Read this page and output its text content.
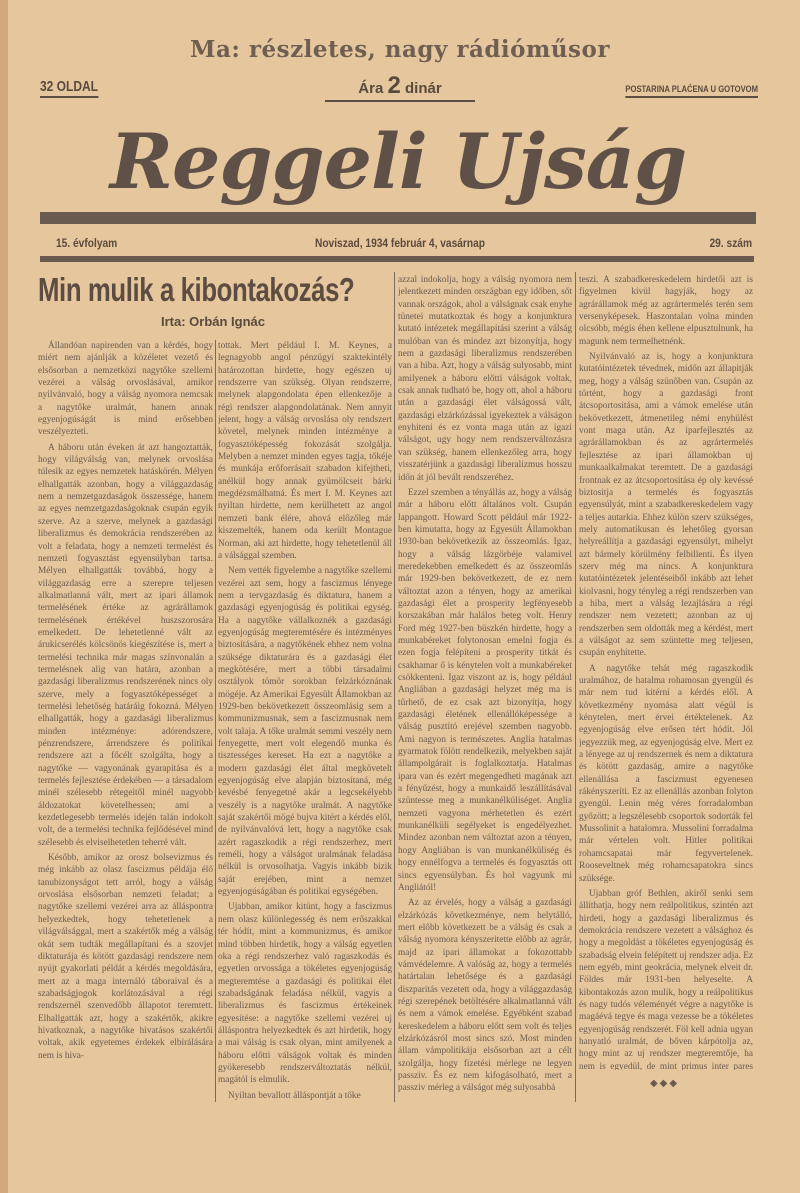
Ma: részletes, nagy rádióműsor
32 OLDAL	Ára 2 dinár	POSTARINA PLAĆENA U GOTOVOM
Reggeli Ujság
15. évfolyam	Noviszad, 1934 február 4, vasárnap	29. szám
Min mulik a kibontakozás?
Irta: Orbán Ignác

Állandóan napirenden van a kérdés, hogy miért nem ajánlják a közéletet vezető és elsősorban a nemzetközi nagytőke szellemi vezérei a válság orvoslásával, amikor nyilvánvaló, hogy a válság nyomora nemcsak a nagytőke uralmát, hanem annak egyenjogúságát is mind erősebben veszélyezteti.

A háboru után éveken át azt hangoztatták, hogy világválság van, melynek orvoslása túlesik az egyes nemzetek hatáskörén. Mélyen elhallgatták azonban, hogy a világgazdaság nem a nemzetgazdaságok összessége, hanem az egyes nemzetgazdaságoknak csupán egyik szerve. Az a szerve, melynek a gazdasági liberalizmus és demokrácia rendszerében az volt a feladata, hogy a nemzeti termelést és nemzeti fogyasztást egyensúlyban tartsa. Mélyen elhallgatták továbbá, hogy a világgazdaság erre a szerepre teljesen alkalmatlanná vált, mert az ipari államok termelésének értéke az agrárállamok termelésének értékével huszszorosára emelkedett. De lehetetlenné vált az árukicserélés kölcsönös kiegészítése is, mert a termelési technika már magas színvonalán a termelésnek alig van határa, azonban a gazdasági liberalizmus rendszerének nincs oly szerve, mely a fogyasztóképességet a termelési lehetőség határáig fokozná. Mélyen elhallgatták, hogy a gazdasági liberalizmus minden intézménye: adórendszere, pénzrendszere, árrendszere és politikai rendszere azt a főcélt szolgálta, hogy a nagytőke — vagyonának gyarapítása és a termelés fejlesztése érdekében — a társadalom minél szélesebb rétegeitől minél nagyobb áldozatokat követelhessen; ami a kezdetlegesebb termelés idején talán indokolt volt, de a termelési technika fejlődésével mind szélesebb és elviselhetetlen teherré vált.

Később, amikor az orosz bolsevizmus és még inkább az olasz fascizmus példája élő tanubizonyságot tett arról, hogy a válság orvoslása elsősorban nemzeti feladat; a nagytőke szellemi vezérei arra az álláspontra helyezkedtek, hogy tehetetlenek a világválsággal, mert a szakértők még a válság okát sem tudták megállapítani és a szovjet diktaturája és kötött gazdasági rendszere nem nyújt gyakorlati példát a kérdés megoldására, mert az a maga internáló táboraival és a szabadságjogok korlátozásával a régi rendszernél szenvedőbb állapotot teremtett. Elhallgatták azt, hogy a szakértők, akikre hivatkoznak, a nagytőke hivatásos szakértői voltak, akik egyetemes érdekek elbírálására nem is hiva-

tottak. Mert például I. M. Keynes, a legnagyobb angol pénzügyi szaktekintély határozottan hirdette, hogy egészen uj rendszerre van szükség. Olyan rendszerre, melynek alapgondolata épen ellenkezője a régi rendszer alapgondolatának. Nem annyit jelent, hogy a válság orvoslása oly rendszert követel, melynek minden intézménye a fogyasztóképesség fokozását szolgálja. Melyben a nemzet minden egyes tagja, tőkéje és munkája erőforrásait szabadon kifejtheti, anélkül hogy annak gyümölcseit bárki megdézsmálhatná. És mert I. M. Keynes azt nyiltan hirdette, nem kerülhetett az angol nemzeti bank élére, ahová előzőleg már kiszemelték, hanem oda került Montague Norman, aki azt hirdette, hogy tehetetlenül áll a válsággal szemben.

Nem vették figyelembe a nagytőke szellemi vezérei azt sem, hogy a fascizmus lényege nem a tervgazdaság és diktatura, hanem a gazdasági egyenjogúság és politikai egység. Ha a nagytőke vállalkoznék a gazdasági egyenjogúság megteremtésére és intézményes biztosítására, a nagytőkének ehhez nem volna szüksége diktaturára és a gazdasági élet megkötésére, mert a többi társadalmi osztályok tömör sorokban felzárkóznának mögéje. Az Amerikai Egyesült Államokban az 1929-ben bekövetkezett összeomlásig sem a kommunizmusnak, sem a fascizmusnak nem volt talaja. A tőke uralmát semmi veszély nem fenyegette, mert volt elegendő munka és tisztességes kereset. Ha ezt a nagytőke a modern gazdasági élet által megkövetelt egyenjogúság elve alapján biztosítaná, még kevésbé fenyegetné akár a legcsekélyebb veszély is a nagytőke uralmát. A nagytőke saját szakértői mögé bujva kitért a kérdés elől, de nyilvánvalóvá lett, hogy a nagytőke csak azért ragaszkodik a régi rendszerhez, mert reméli, hogy a válságot uralmának feladása nélkül is orvosolhatja. Vagyis inkább bízik saját erejében, mint a nemzet egyenjogúságában és politikai egységében.

Ujabban, amikor kitünt, hogy a fascizmus nem olasz különlegesség és nem erőszakkal tér hódít, mint a kommunizmus, és amikor mind többen hirdetik, hogy a válság egyetlen oka a régi rendszerhez való ragaszkodás és egyetlen orvossága a tökéletes egyenjogúság megteremtése a gazdasági és politikai élet szabadságának feladása nélkül, vagyis a liberalizmus és fascizmus értékeinek egyesítése: a nagytőke szellemi vezérei uj álláspontra helyezkedtek és azt hirdetik, hogy a mai válság is csak olyan, mint amilyenek a háboru előtti válságok voltak és minden gyökeresebb rendszerváltoztatás nélkül, magától is elmulik.

Nyiltan bevallott álláspontját a tőke

azzal indokolja, hogy a válság nyomora nem jelentkezett minden országban egy időben, sőt vannak országok, ahol a válságnak csak enyhe tünetei mutatkoztak és hogy a konjunktura kutató intézetek megállapítási szerint a válság mulóban van és mindez azt bizonyítja, hogy nem a gazdasági liberalizmus rendszerében van a hiba. Azt, hogy a válság sulyosabb, mint amilyenek a háboru előtti válságok voltak, csak annak tudható be, hogy ott, ahol a háboru után a gazdasági élet válságossá vált, gazdasági elzárkózással igyekeztek a válságon enyhiteni és ez vonta maga után az igazi válságot, ugy hogy nem rendszerváltozásra van szükség, hanem ellenkezőleg arra, hogy visszatérjünk a gazdasági liberalizmus hosszu időn át jól bevált rendszeréhez.

Ezzel szemben a tényállás az, hogy a válság már a háboru előtt általános volt. Csupán lappangott. Howard Scott például már 1922-ben kimutatta, hogy az Egyesült Államokban 1930-ban bekövetkezik az összeomlás. Igaz, hogy a válság lázgörbéje valamivel meredekebben emelkedett és az összeomlás már 1929-ben bekövetkezett, de ez nem változtat azon a tényen, hogy az amerikai gazdasági élet a prosperity legfényesebb korszakában már halálos beteg volt. Henry Ford még 1927-ben büszkén hirdette, hogy a munkabéreket folytonosan emelni fogja és ezen fogja felépíteni a prosperity titkát és csakhamar ő is kénytelen volt a munkabéreket csökkenteni. Igaz viszont az is, hogy például Angliában a gazdasági helyzet még ma is tűrhető, de ez csak azt bizonyítja, hogy gazdasági életének ellenállóképessége a válság pusztító erejével szemben nagyobb. Ami nagyon is természetes. Anglia hatalmas gyarmatok fölött rendelkezik, melyekben saját állampolgárait is foglalkoztatja. Hatalmas ipara van és ezért megengedheti magának azt a fényűzést, hogy a munkaidő leszállításával szüntesse meg a munkanélküliséget. Anglia nemzeti vagyona mérhetetlen és ezért munkanélküli segélyeket is engedélyezhet. Mindez azonban nem változtat azon a tényen, hogy Angliában is van munkanélküliség és hogy ennélfogva a termelés és fogyasztás ott sincs egyensúlyban. És hol vagyunk mi Angliától!

Az az érvelés, hogy a válság a gazdasági elzárkózás következménye, nem helytálló, mert előbb következett be a válság és csak a válság nyomora kényszeritette előbb az agrár, majd az ipari államokat a fokozottabb vámvédelemre. A valóság az, hogy a termelés határtalan lehetősége és a gazdasági diszparitás vezetett oda, hogy a világgazdaság régi szerepének betöltésére alkalmatlanná vált és nem a vámok emelése. Egyébként szabad kereskedelem a háboru előtt sem volt és teljes elzárkózásról most sincs szó. Most minden állam vámpolitikája elsősorban azt a célt szolgálja, hogy fizetési mérlege ne legyen passziv. És ez nem kifogásolható, mert a passziv mérleg a válságot még sulyosabbá

teszi. A szabadkereskedelem hirdetői azt is figyelmen kivül hagyják, hogy az agrárállamok még az agrártermelés terén sem versenyképesek. Haszontalan volna minden olcsóbb, mégis éhen kellene elpusztulnunk, ha magunk nem termelhetnénk.

Nyilvánvaló az is, hogy a konjunktura kutatóintézetek tévednek, midőn azt állapitják meg, hogy a válság szünőben van. Csupán az történt, hogy a gazdasági front átcsoportositása, ami a vámok emelése után bekövetkezett, átmenetileg némi enyhülést vont maga után. Az iparfejlesztés az agrárállamokban és az agrártermelés fejlesztése az ipari államokban uj munkaalkalmakat teremtett. De a gazdasági frontnak ez az átcsoportositása ép oly kevéssé biztositja a termelés és fogyasztás egyensúlyát, mint a szabadkereskedelem vagy a teljes autarkia. Ehhez külön szerv szükséges, mely automatikusan és lehetőleg gyorsan helyreállítja a gazdasági egyensúlyt, mihelyt azt bármely körülmény felbillenti. És ilyen szerv még ma nincs. A konjunktura kutatóintézetek jelentéseiből inkább azt lehet kiolvasni, hogy tényleg a régi rendszerben van a hiba, mert a válság lezajlására a régi rendszer nem vezetett; azonban az uj rendszerben sem oldották meg a kérdést, mert a válságot az sem szüntette meg teljesen, csupán enyhitette.

A nagytőke tehát még ragaszkodik uralmához, de hatalma rohamosan gyengül és már nem tud kitérni a kérdés elől. A következmény nyomása alatt végül is kénytelen, mert érvei értéktelenek. Az egyenjogúság elve erősen tért hódít. Jól jegyezzük meg, az egyenjogúság elve. Mert ez a lényege az uj rendszernek és nem a diktatura és kötött gazdaság, amire a nagytőke ellenállása a fascizmust egyenesen rákényszeríti. Ez az ellenállás azonban folyton gyengül. Lenin még véres forradalomban győzött; a legszélesebb csoportok sodorták fel Mussolinit a hatalomra. Mussolini forradalma már vértelen volt. Hitler politikai rohamcsapatai már fegyvertelenek. Rooseveltnek még rohamcsapatokra sincs szüksége.

Ujabban gróf Bethlen, akiről senki sem állíthatja, hogy nem reálpolitikus, szintén azt hirdeti, hogy a gazdasági liberalizmus és demokrácia rendszere vezetett a válsághoz és hogy a megoldást a tökéletes egyenjogúság és szabadság elvein felépített uj rendszer adja. Ez nem egyéb, mint geokrácia, melynek elveit dr. Földes már 1931-ben helyeselte. A kibontakozás azon mulik, hogy a reálpolitikus és nagy tudós véleményét végre a nagytőke is magáévá tegye és maga vezesse be a tökéletes egyenjogúság rendszerét. Föl kell adnia ugyan hanyatló uralmát, de bőven kárpótolja az, hogy mint az uj rendszer megteremtője, ha nem is egyedül, de mint primus inter pares

◆◆◆
